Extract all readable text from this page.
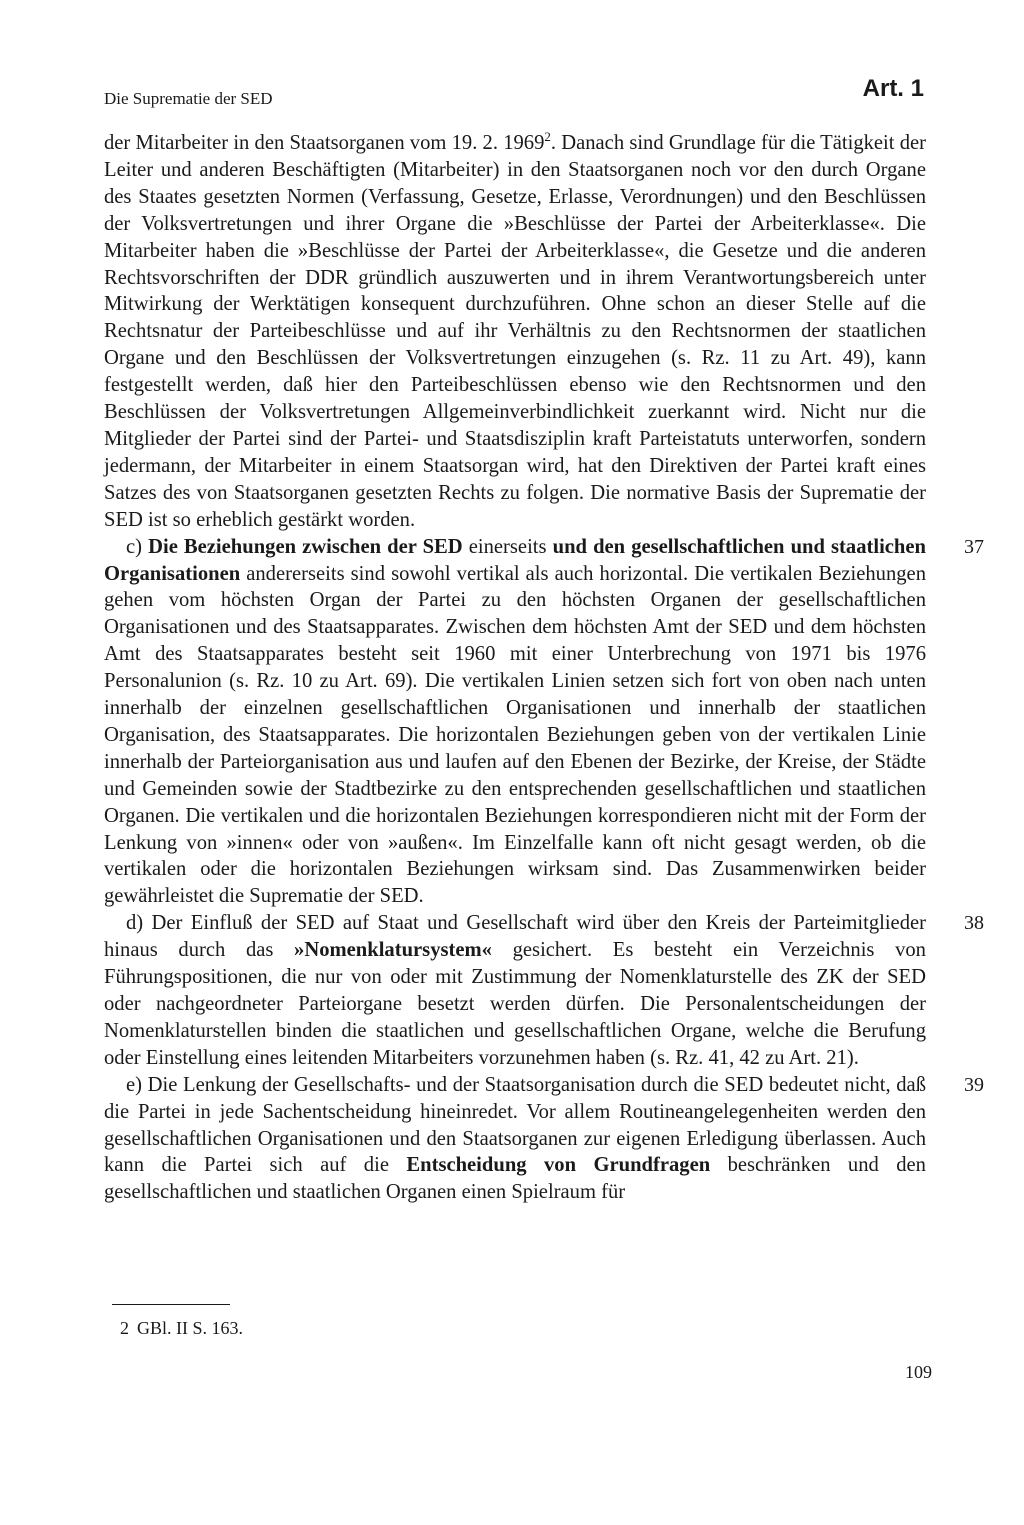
Die Suprematie der SED	Art. 1

der Mitarbeiter in den Staatsorganen vom 19. 2. 1969$^2$. Danach sind Grundlage für die Tätigkeit der Leiter und anderen Beschäftigten (Mitarbeiter) in den Staatsorganen noch vor den durch Organe des Staates gesetzten Normen (Verfassung, Gesetze, Erlasse, Verordnungen) und den Beschlüssen der Volksvertretungen und ihrer Organe die »Beschlüsse der Partei der Arbeiterklasse«. Die Mitarbeiter haben die »Beschlüsse der Partei der Arbeiterklasse«, die Gesetze und die anderen Rechtsvorschriften der DDR gründlich auszuwerten und in ihrem Verantwortungsbereich unter Mitwirkung der Werktätigen konsequent durchzuführen. Ohne schon an dieser Stelle auf die Rechtsnatur der Parteibeschlüsse und auf ihr Verhältnis zu den Rechtsnormen der staatlichen Organe und den Beschlüssen der Volksvertretungen einzugehen (s. Rz. 11 zu Art. 49), kann festgestellt werden, daß hier den Parteibeschlüssen ebenso wie den Rechtsnormen und den Beschlüssen der Volksvertretungen Allgemeinverbindlichkeit zuerkannt wird. Nicht nur die Mitglieder der Partei sind der Partei- und Staatsdisziplin kraft Parteistatuts unterworfen, sondern jedermann, der Mitarbeiter in einem Staatsorgan wird, hat den Direktiven der Partei kraft eines Satzes des von Staatsorganen gesetzten Rechts zu folgen. Die normative Basis der Suprematie der SED ist so erheblich gestärkt worden.

37
c) Die Beziehungen zwischen der SED einerseits und den gesellschaftlichen und staatlichen Organisationen andererseits sind sowohl vertikal als auch horizontal. Die vertikalen Beziehungen gehen vom höchsten Organ der Partei zu den höchsten Organen der gesellschaftlichen Organisationen und des Staatsapparates. Zwischen dem höchsten Amt der SED und dem höchsten Amt des Staatsapparates besteht seit 1960 mit einer Unterbrechung von 1971 bis 1976 Personalunion (s. Rz. 10 zu Art. 69). Die vertikalen Linien setzen sich fort von oben nach unten innerhalb der einzelnen gesellschaftlichen Organisationen und innerhalb der staatlichen Organisation, des Staatsapparates. Die horizontalen Beziehungen geben von der vertikalen Linie innerhalb der Parteiorganisation aus und laufen auf den Ebenen der Bezirke, der Kreise, der Städte und Gemeinden sowie der Stadtbezirke zu den entsprechenden gesellschaftlichen und staatlichen Organen. Die vertikalen und die horizontalen Beziehungen korrespondieren nicht mit der Form der Lenkung von »innen« oder von »außen«. Im Einzelfalle kann oft nicht gesagt werden, ob die vertikalen oder die horizontalen Beziehungen wirksam sind. Das Zusammenwirken beider gewährleistet die Suprematie der SED.

38
d) Der Einfluß der SED auf Staat und Gesellschaft wird über den Kreis der Parteimitglieder hinaus durch das »Nomenklatursystem« gesichert. Es besteht ein Verzeichnis von Führungspositionen, die nur von oder mit Zustimmung der Nomenklaturstelle des ZK der SED oder nachgeordneter Parteiorgane besetzt werden dürfen. Die Personalentscheidungen der Nomenklaturstellen binden die staatlichen und gesellschaftlichen Organe, welche die Berufung oder Einstellung eines leitenden Mitarbeiters vorzunehmen haben (s. Rz. 41, 42 zu Art. 21).

39
e) Die Lenkung der Gesellschafts- und der Staatsorganisation durch die SED bedeutet nicht, daß die Partei in jede Sachentscheidung hineinredet. Vor allem Routineangelegenheiten werden den gesellschaftlichen Organisationen und den Staatsorganen zur eigenen Erledigung überlassen. Auch kann die Partei sich auf die Entscheidung von Grundfragen beschränken und den gesellschaftlichen und staatlichen Organen einen Spielraum für

2 GBl. II S. 163.
109
